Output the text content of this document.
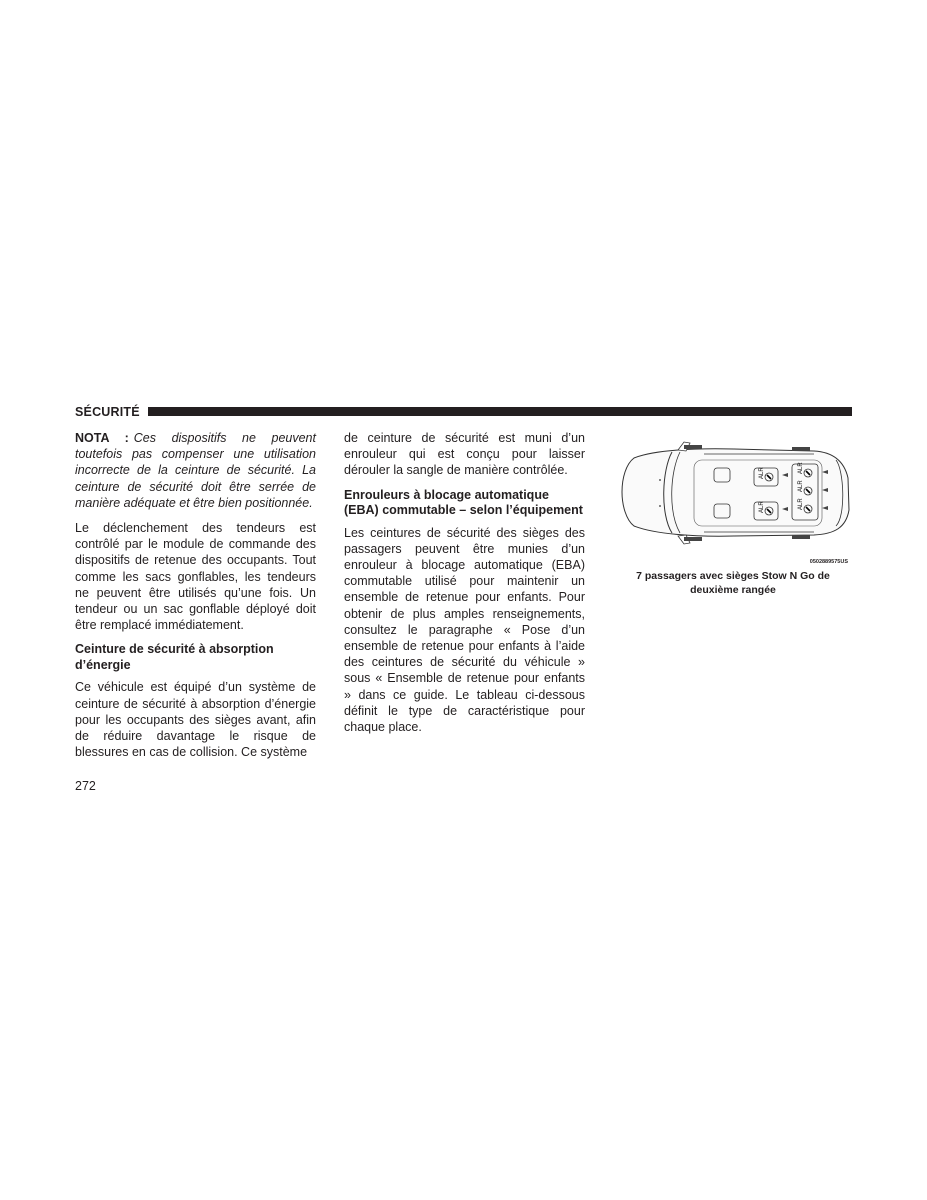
SÉCURITÉ

NOTA : Ces dispositifs ne peuvent toutefois pas compenser une utilisation incorrecte de la ceinture de sécurité. La ceinture de sécurité doit être serrée de manière adéquate et être bien positionnée.

Le déclenchement des tendeurs est contrôlé par le module de commande des dispositifs de retenue des occupants. Tout comme les sacs gonflables, les tendeurs ne peuvent être utilisés qu’une fois. Un tendeur ou un sac gonflable déployé doit être remplacé immédiatement.

Ceinture de sécurité à absorption d’énergie

Ce véhicule est équipé d’un système de ceinture de sécurité à absorption d’énergie pour les occupants des sièges avant, afin de réduire davantage le risque de blessures en cas de collision. Ce système

de ceinture de sécurité est muni d’un enrouleur qui est conçu pour laisser dérouler la sangle de manière contrôlée.

Enrouleurs à blocage automatique (EBA) commutable – selon l’équipement

Les ceintures de sécurité des sièges des passagers peuvent être munies d’un enrouleur à blocage automatique (EBA) commutable utilisé pour maintenir un ensemble de retenue pour enfants. Pour obtenir de plus amples renseignements, consultez le paragraphe « Pose d’un ensemble de retenue pour enfants à l’aide des ceintures de sécurité du véhicule » sous « Ensemble de retenue pour enfants » dans ce guide. Le tableau ci-dessous définit le type de caractéristique pour chaque place.

ALR
ALR
ALR
ALR
ALR
0502889575US
7 passagers avec sièges Stow N Go de deuxième rangée
272
